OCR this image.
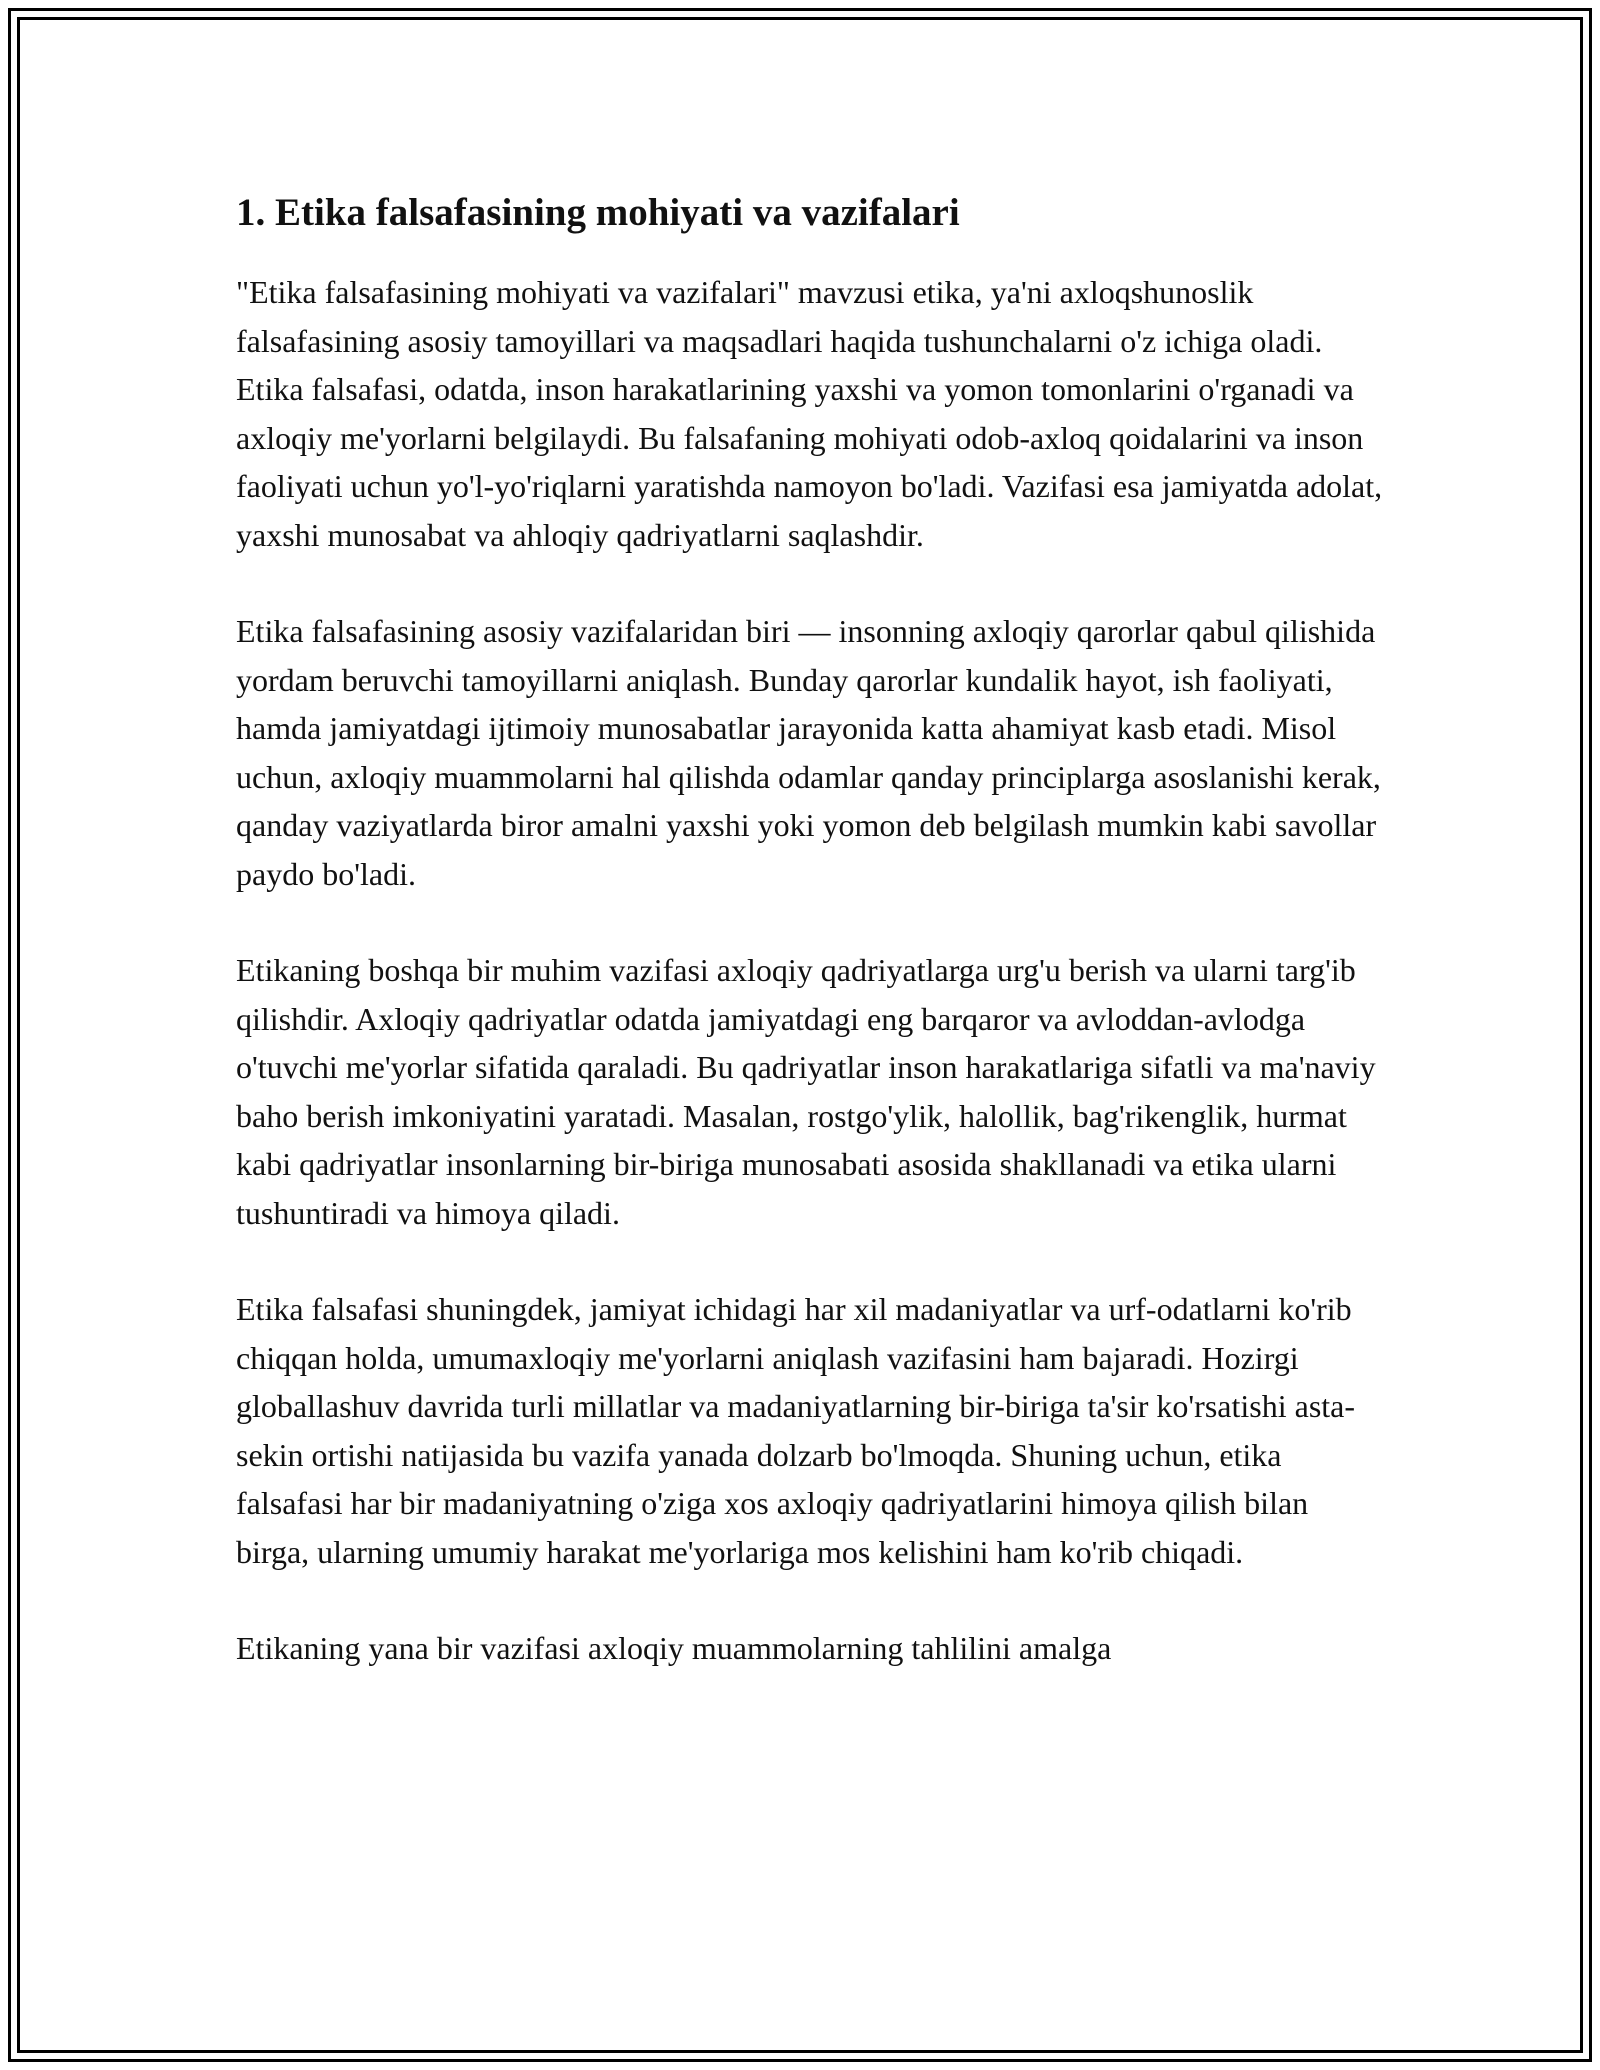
1. Etika falsafasining mohiyati va vazifalari

"Etika falsafasining mohiyati va vazifalari" mavzusi etika, ya'ni axloqshunoslik falsafasining asosiy tamoyillari va maqsadlari haqida tushunchalarni o'z ichiga oladi. Etika falsafasi, odatda, inson harakatlarining yaxshi va yomon tomonlarini o'rganadi va axloqiy me'yorlarni belgilaydi. Bu falsafaning mohiyati odob-axloq qoidalarini va inson faoliyati uchun yo'l-yo'riqlarni yaratishda namoyon bo'ladi. Vazifasi esa jamiyatda adolat, yaxshi munosabat va ahloqiy qadriyatlarni saqlashdir.

Etika falsafasining asosiy vazifalaridan biri — insonning axloqiy qarorlar qabul qilishida yordam beruvchi tamoyillarni aniqlash. Bunday qarorlar kundalik hayot, ish faoliyati, hamda jamiyatdagi ijtimoiy munosabatlar jarayonida katta ahamiyat kasb etadi. Misol uchun, axloqiy muammolarni hal qilishda odamlar qanday principlarga asoslanishi kerak, qanday vaziyatlarda biror amalni yaxshi yoki yomon deb belgilash mumkin kabi savollar paydo bo'ladi.

Etikaning boshqa bir muhim vazifasi axloqiy qadriyatlarga urg'u berish va ularni targ'ib qilishdir. Axloqiy qadriyatlar odatda jamiyatdagi eng barqaror va avloddan-avlodga o'tuvchi me'yorlar sifatida qaraladi. Bu qadriyatlar inson harakatlariga sifatli va ma'naviy baho berish imkoniyatini yaratadi. Masalan, rostgo'ylik, halollik, bag'rikenglik, hurmat kabi qadriyatlar insonlarning bir-biriga munosabati asosida shakllanadi va etika ularni tushuntiradi va himoya qiladi.

Etika falsafasi shuningdek, jamiyat ichidagi har xil madaniyatlar va urf-odatlarni ko'rib chiqqan holda, umumaxloqiy me'yorlarni aniqlash vazifasini ham bajaradi. Hozirgi globallashuv davrida turli millatlar va madaniyatlarning bir-biriga ta'sir ko'rsatishi asta-sekin ortishi natijasida bu vazifa yanada dolzarb bo'lmoqda. Shuning uchun, etika falsafasi har bir madaniyatning o'ziga xos axloqiy qadriyatlarini himoya qilish bilan birga, ularning umumiy harakat me'yorlariga mos kelishini ham ko'rib chiqadi.

Etikaning yana bir vazifasi axloqiy muammolarning tahlilini amalga
